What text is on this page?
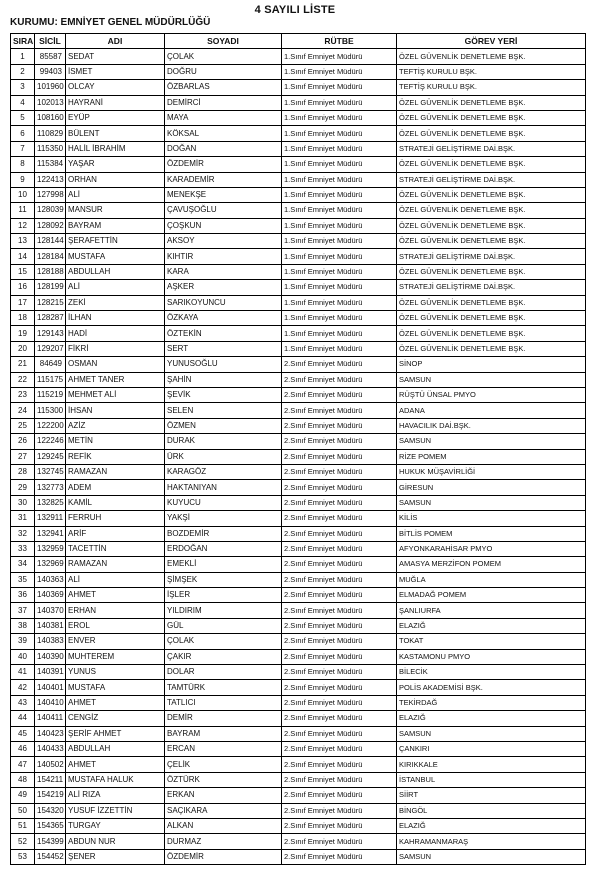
4 SAYILI LİSTE
KURUMU: EMNİYET GENEL MÜDÜRLÜĞÜ
SIRA	SİCİL	ADI	SOYADI	RÜTBE	GÖREV YERİ
1	85587	SEDAT	ÇOLAK	1.Sınıf Emniyet Müdürü	ÖZEL GÜVENLİK DENETLEME BŞK.
2	99403	İSMET	DOĞRU	1.Sınıf Emniyet Müdürü	TEFTİŞ KURULU BŞK.
3	101960	OLCAY	ÖZBARLAS	1.Sınıf Emniyet Müdürü	TEFTİŞ KURULU BŞK.
4	102013	HAYRANİ	DEMİRCİ	1.Sınıf Emniyet Müdürü	ÖZEL GÜVENLİK DENETLEME BŞK.
5	108160	EYÜP	MAYA	1.Sınıf Emniyet Müdürü	ÖZEL GÜVENLİK DENETLEME BŞK.
6	110829	BÜLENT	KÖKSAL	1.Sınıf Emniyet Müdürü	ÖZEL GÜVENLİK DENETLEME BŞK.
7	115350	HALİL İBRAHİM	DOĞAN	1.Sınıf Emniyet Müdürü	STRATEJİ GELİŞTİRME DAİ.BŞK.
8	115384	YAŞAR	ÖZDEMİR	1.Sınıf Emniyet Müdürü	ÖZEL GÜVENLİK DENETLEME BŞK.
9	122413	ORHAN	KARADEMİR	1.Sınıf Emniyet Müdürü	STRATEJİ GELİŞTİRME DAİ.BŞK.
10	127998	ALİ	MENEKŞE	1.Sınıf Emniyet Müdürü	ÖZEL GÜVENLİK DENETLEME BŞK.
11	128039	MANSUR	ÇAVUŞOĞLU	1.Sınıf Emniyet Müdürü	ÖZEL GÜVENLİK DENETLEME BŞK.
12	128092	BAYRAM	ÇOŞKUN	1.Sınıf Emniyet Müdürü	ÖZEL GÜVENLİK DENETLEME BŞK.
13	128144	ŞERAFETTİN	AKSOY	1.Sınıf Emniyet Müdürü	ÖZEL GÜVENLİK DENETLEME BŞK.
14	128184	MUSTAFA	KIHTIR	1.Sınıf Emniyet Müdürü	STRATEJİ GELİŞTİRME DAİ.BŞK.
15	128188	ABDULLAH	KARA	1.Sınıf Emniyet Müdürü	ÖZEL GÜVENLİK DENETLEME BŞK.
16	128199	ALİ	AŞKER	1.Sınıf Emniyet Müdürü	STRATEJİ GELİŞTİRME DAİ.BŞK.
17	128215	ZEKİ	SARIKOYUNCU	1.Sınıf Emniyet Müdürü	ÖZEL GÜVENLİK DENETLEME BŞK.
18	128287	İLHAN	ÖZKAYA	1.Sınıf Emniyet Müdürü	ÖZEL GÜVENLİK DENETLEME BŞK.
19	129143	HADİ	ÖZTEKİN	1.Sınıf Emniyet Müdürü	ÖZEL GÜVENLİK DENETLEME BŞK.
20	129207	FİKRİ	SERT	1.Sınıf Emniyet Müdürü	ÖZEL GÜVENLİK DENETLEME BŞK.
21	84649	OSMAN	YUNUSOĞLU	2.Sınıf Emniyet Müdürü	SİNOP
22	115175	AHMET TANER	ŞAHİN	2.Sınıf Emniyet Müdürü	SAMSUN
23	115219	MEHMET ALİ	ŞEVİK	2.Sınıf Emniyet Müdürü	RÜŞTÜ ÜNSAL PMYO
24	115300	İHSAN	SELEN	2.Sınıf Emniyet Müdürü	ADANA
25	122200	AZİZ	ÖZMEN	2.Sınıf Emniyet Müdürü	HAVACILIK DAİ.BŞK.
26	122246	METİN	DURAK	2.Sınıf Emniyet Müdürü	SAMSUN
27	129245	REFİK	ÜRK	2.Sınıf Emniyet Müdürü	RİZE POMEM
28	132745	RAMAZAN	KARAGÖZ	2.Sınıf Emniyet Müdürü	HUKUK MÜŞAVİRLİĞİ
29	132773	ADEM	HAKTANIYAN	2.Sınıf Emniyet Müdürü	GİRESUN
30	132825	KAMİL	KUYUCU	2.Sınıf Emniyet Müdürü	SAMSUN
31	132911	FERRUH	YAKŞİ	2.Sınıf Emniyet Müdürü	KİLİS
32	132941	ARİF	BOZDEMİR	2.Sınıf Emniyet Müdürü	BİTLİS POMEM
33	132959	TACETTİN	ERDOĞAN	2.Sınıf Emniyet Müdürü	AFYONKARAHİSAR PMYO
34	132969	RAMAZAN	EMEKLİ	2.Sınıf Emniyet Müdürü	AMASYA MERZİFON POMEM
35	140363	ALİ	ŞİMŞEK	2.Sınıf Emniyet Müdürü	MUĞLA
36	140369	AHMET	İŞLER	2.Sınıf Emniyet Müdürü	ELMADAĞ POMEM
37	140370	ERHAN	YILDIRIM	2.Sınıf Emniyet Müdürü	ŞANLIURFA
38	140381	EROL	GÜL	2.Sınıf Emniyet Müdürü	ELAZIĞ
39	140383	ENVER	ÇOLAK	2.Sınıf Emniyet Müdürü	TOKAT
40	140390	MUHTEREM	ÇAKIR	2.Sınıf Emniyet Müdürü	KASTAMONU PMYO
41	140391	YUNUS	DOLAR	2.Sınıf Emniyet Müdürü	BİLECİK
42	140401	MUSTAFA	TAMTÜRK	2.Sınıf Emniyet Müdürü	POLİS AKADEMİSİ BŞK.
43	140410	AHMET	TATLICI	2.Sınıf Emniyet Müdürü	TEKİRDAĞ
44	140411	CENGİZ	DEMİR	2.Sınıf Emniyet Müdürü	ELAZIĞ
45	140423	ŞERİF AHMET	BAYRAM	2.Sınıf Emniyet Müdürü	SAMSUN
46	140433	ABDULLAH	ERCAN	2.Sınıf Emniyet Müdürü	ÇANKIRI
47	140502	AHMET	ÇELİK	2.Sınıf Emniyet Müdürü	KIRIKKALE
48	154211	MUSTAFA HALUK	ÖZTÜRK	2.Sınıf Emniyet Müdürü	İSTANBUL
49	154219	ALİ RIZA	ERKAN	2.Sınıf Emniyet Müdürü	SİİRT
50	154320	YUSUF İZZETTİN	SAÇIKARA	2.Sınıf Emniyet Müdürü	BİNGÖL
51	154365	TURGAY	ALKAN	2.Sınıf Emniyet Müdürü	ELAZIĞ
52	154399	ABDUN NUR	DURMAZ	2.Sınıf Emniyet Müdürü	KAHRAMANMARAŞ
53	154452	ŞENER	ÖZDEMİR	2.Sınıf Emniyet Müdürü	SAMSUN
